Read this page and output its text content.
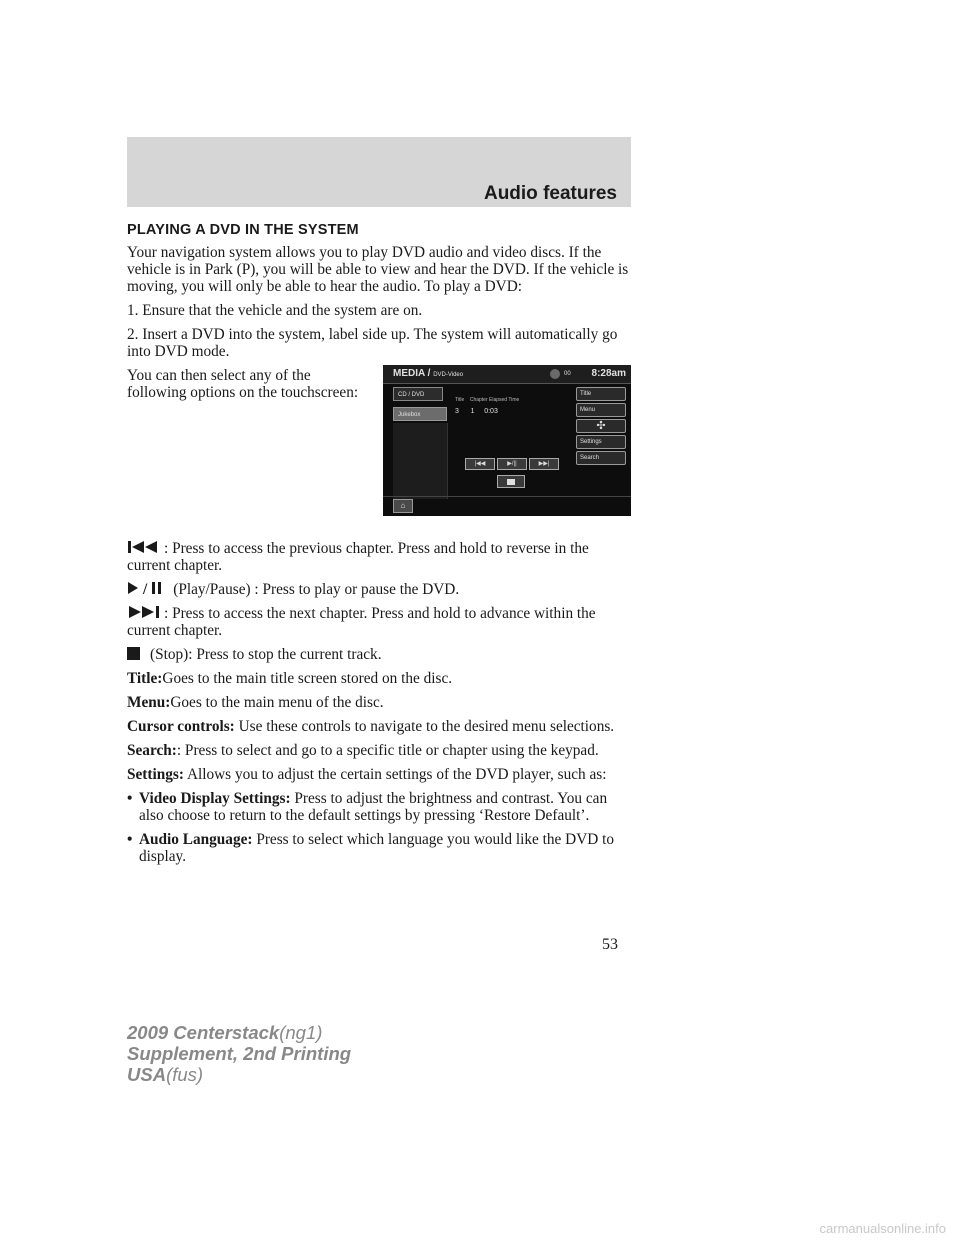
Audio features
MEDIA / DVD-Video	00 8:28am
CD / DVD
Jukebox
Title Chapter Elapsed Time
3 1 0:03
Title
Menu
✣
Settings
Search
|◀◀	▶/||	▶▶|
⌂
PLAYING A DVD IN THE SYSTEM

Your navigation system allows you to play DVD audio and video discs. If the vehicle is in Park (P), you will be able to view and hear the DVD. If the vehicle is moving, you will only be able to hear the audio. To play a DVD:

1. Ensure that the vehicle and the system are on.

2. Insert a DVD into the system, label side up. The system will automatically go into DVD mode.

You can then select any of the following options on the touchscreen:

: Press to access the previous chapter. Press and hold to reverse in the current chapter.

/ (Play/Pause) : Press to play or pause the DVD.

: Press to access the next chapter. Press and hold to advance within the current chapter.

(Stop): Press to stop the current track.

Title:Goes to the main title screen stored on the disc.

Menu:Goes to the main menu of the disc.

Cursor controls: Use these controls to navigate to the desired menu selections.

Search:: Press to select and go to a specific title or chapter using the keypad.

Settings: Allows you to adjust the certain settings of the DVD player, such as:

• Video Display Settings: Press to adjust the brightness and contrast. You can also choose to return to the default settings by pressing ‘Restore Default’.

• Audio Language: Press to select which language you would like the DVD to display.

53
2009 Centerstack(ng1)
Supplement, 2nd Printing
USA(fus)
carmanualsonline.info
